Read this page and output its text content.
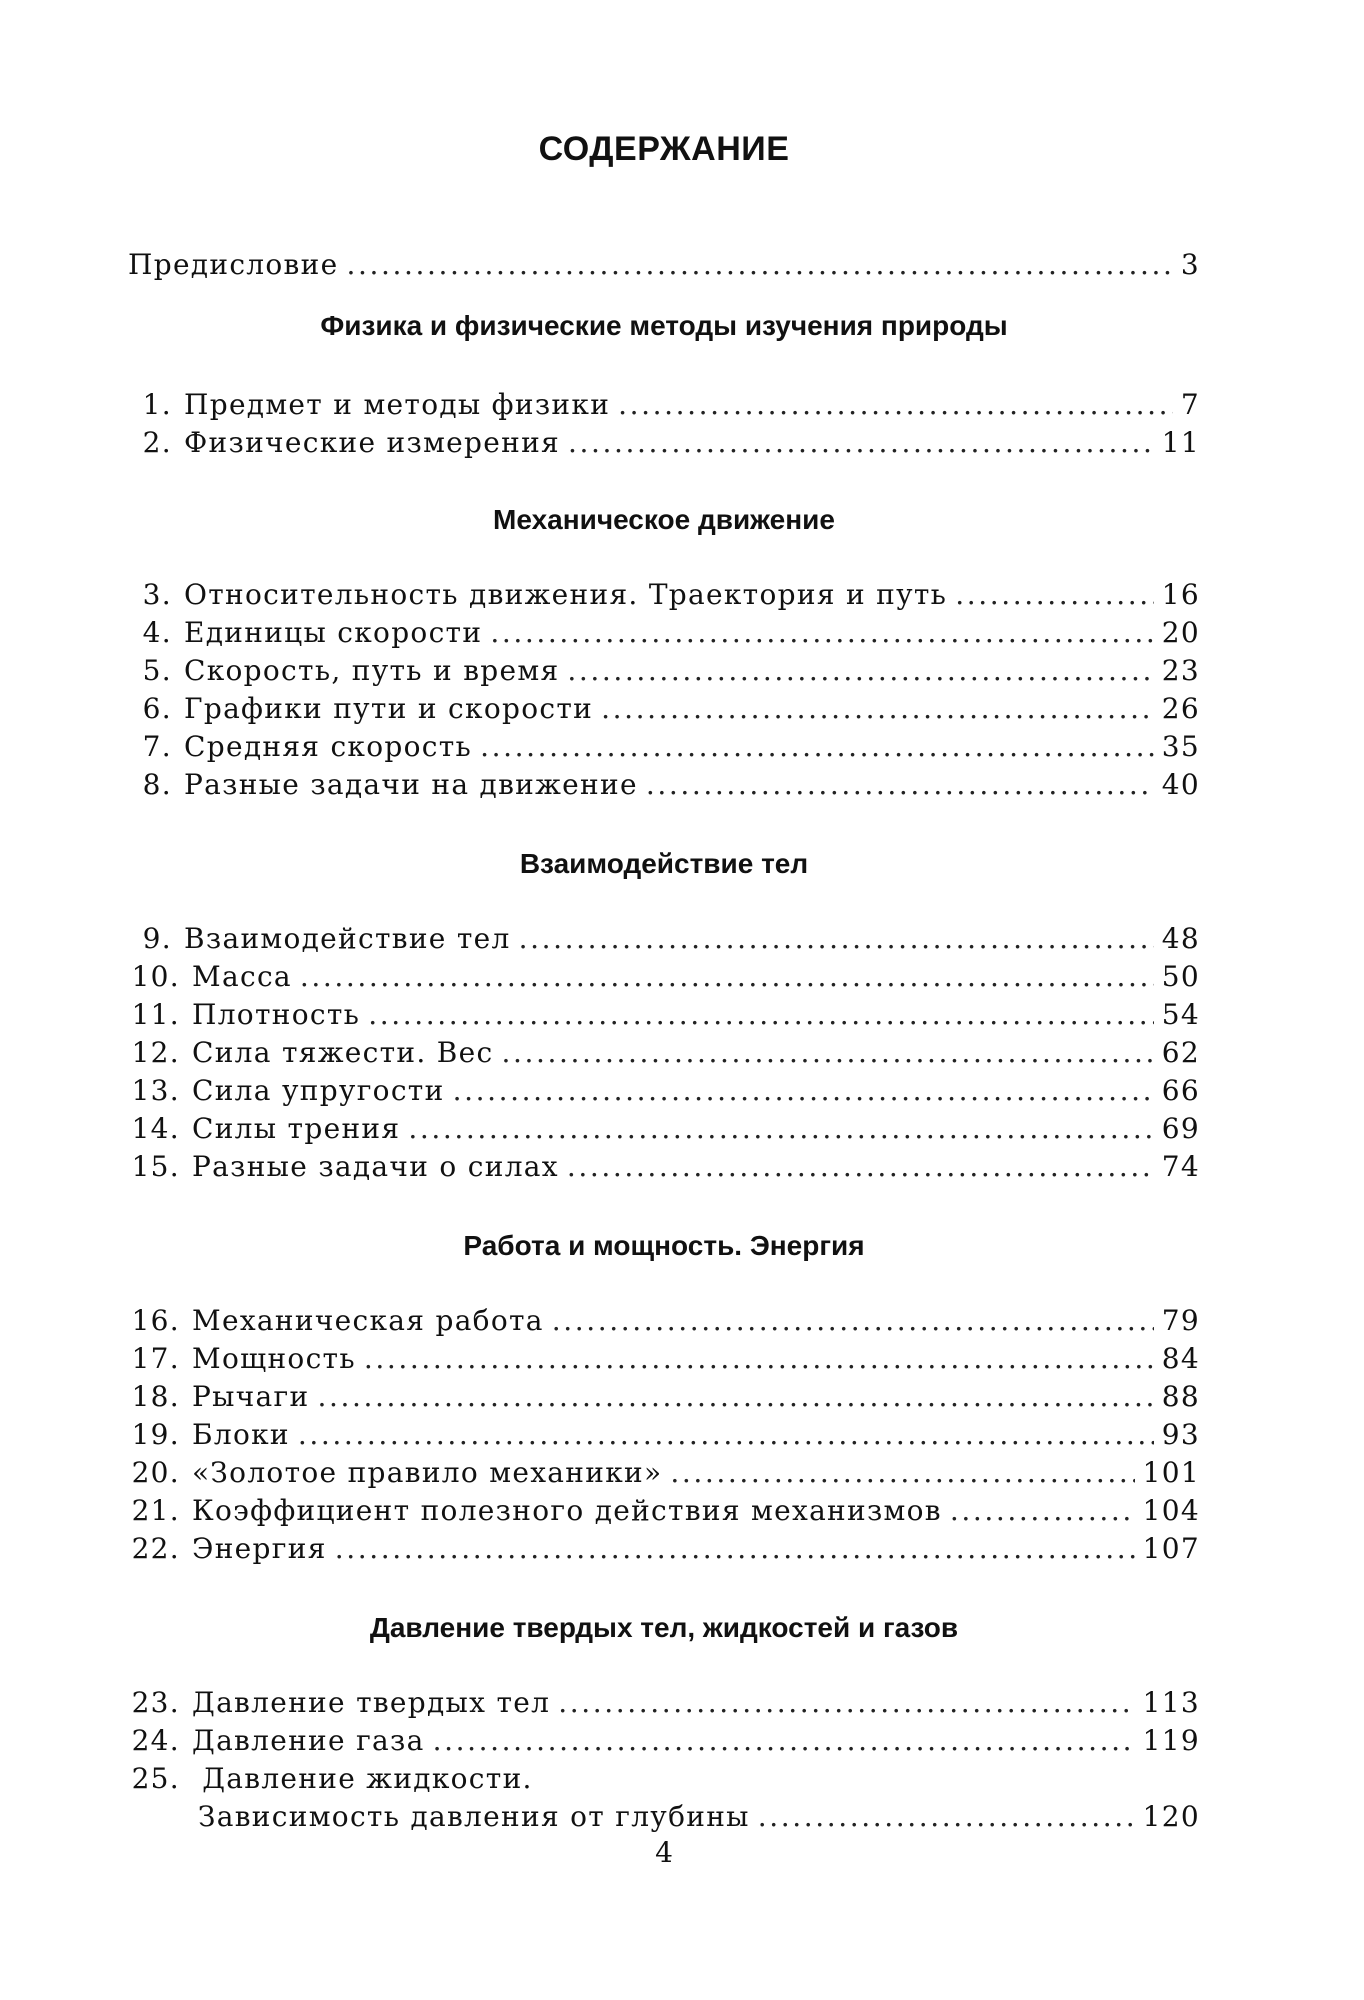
СОДЕРЖАНИЕ
Предисловие .....	3
Физика и физические методы изучения природы
1. Предмет и методы физики .....	7
2. Физические измерения .....	11
Механическое движение
3. Относительность движения. Траектория и путь .....	16
4. Единицы скорости .....	20
5. Скорость, путь и время .....	23
6. Графики пути и скорости .....	26
7. Средняя скорость .....	35
8. Разные задачи на движение .....	40
Взаимодействие тел
9. Взаимодействие тел .....	48
10. Масса .....	50
11. Плотность .....	54
12. Сила тяжести. Вес .....	62
13. Сила упругости .....	66
14. Силы трения .....	69
15. Разные задачи о силах .....	74
Работа и мощность. Энергия
16. Механическая работа .....	79
17. Мощность .....	84
18. Рычаги .....	88
19. Блоки .....	93
20. «Золотое правило механики» .....	101
21. Коэффициент полезного действия механизмов .....	104
22. Энергия .....	107
Давление твердых тел, жидкостей и газов
23. Давление твердых тел .....	113
24. Давление газа .....	119
25. Давление жидкости.
Зависимость давления от глубины .....	120
4
